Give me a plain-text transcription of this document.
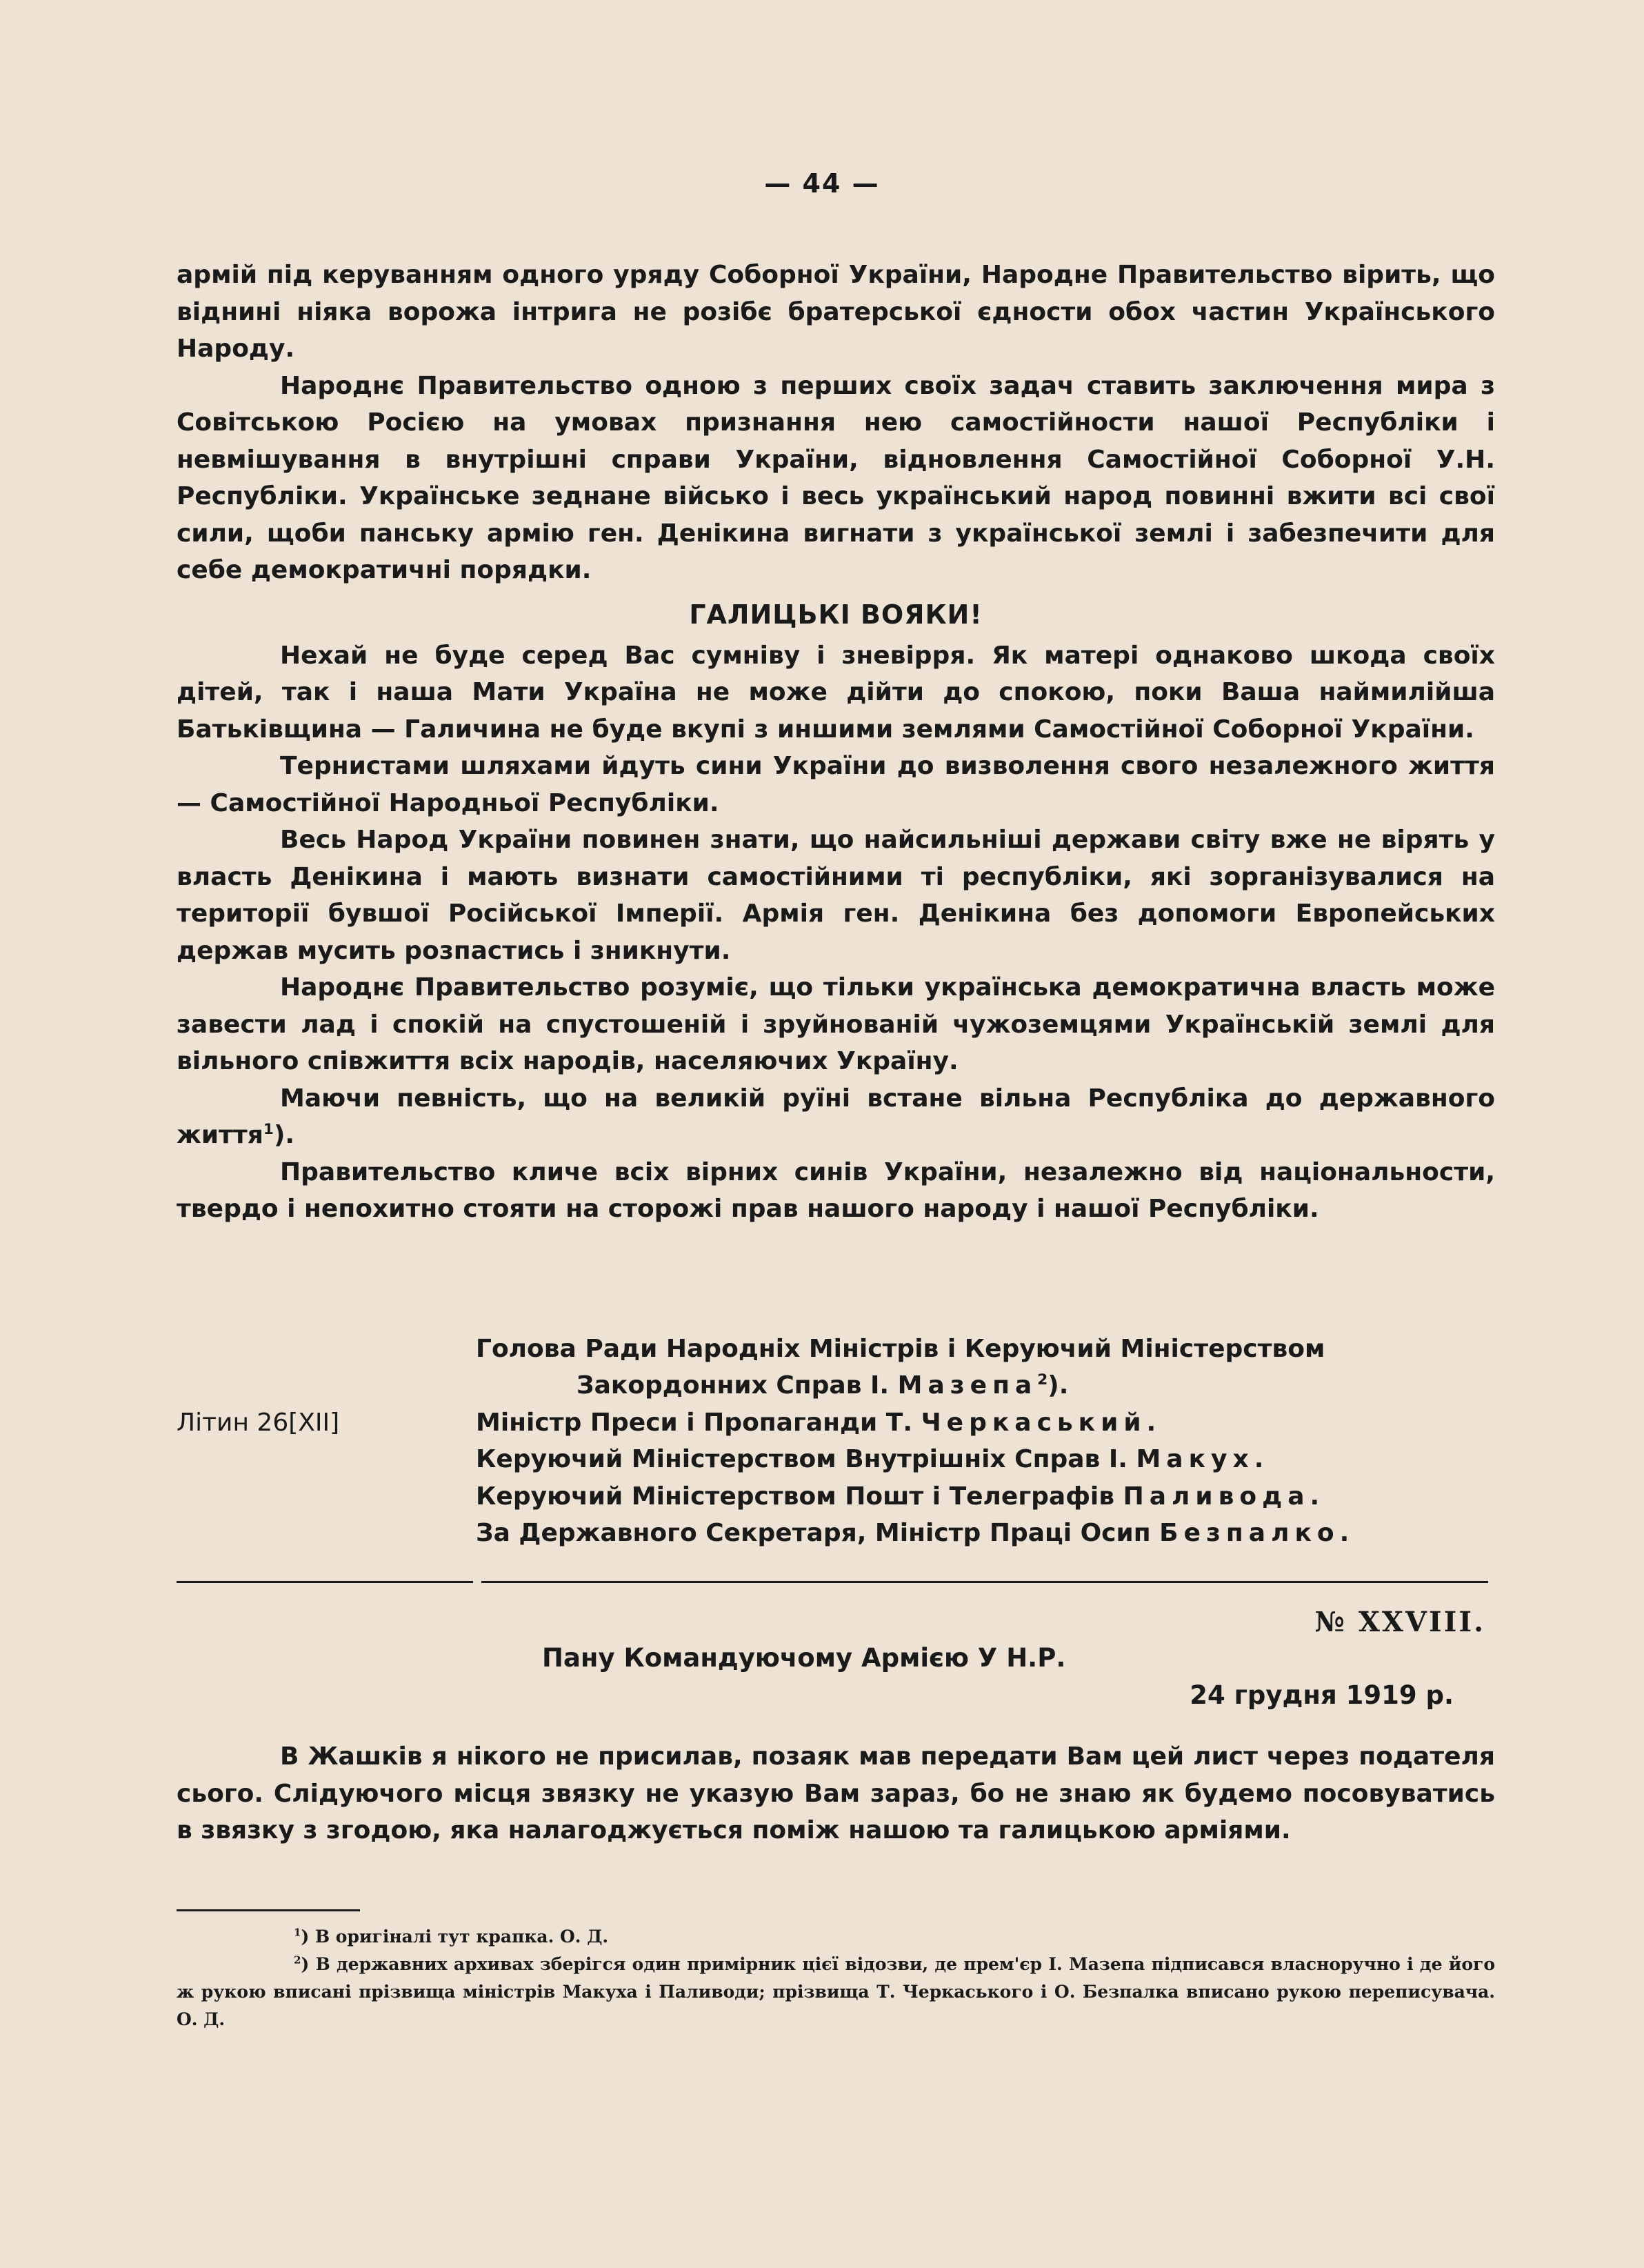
— 44 —

армій під керуванням одного уряду Соборної України, Народне Правительство вірить, що віднині ніяка ворожа інтрига не розібє братерської єдности обох частин Українського Народу.

Народнє Правительство одною з перших своїх задач ставить заключення мира з Совітською Росією на умовах признання нею самостійности нашої Республіки і невмішування в внутрішні справи України, відновлення Самостійної Соборної У.Н. Республіки. Українське зеднане військо і весь український народ повинні вжити всі свої сили, щоби панську армію ген. Денікина вигнати з української землі і забезпечити для себе демократичні порядки.

ГАЛИЦЬКІ ВОЯКИ!

Нехай не буде серед Вас сумніву і зневірря. Як матері однаково шкода своїх дітей, так і наша Мати Україна не може дійти до спокою, поки Ваша наймилійша Батьківщина — Галичина не буде вкупі з иншими землями Самостійної Соборної України.

Тернистами шляхами йдуть сини України до визволення свого незалежного життя — Самостійної Народньої Республіки.

Весь Народ України повинен знати, що найсильніші держави світу вже не вірять у власть Денікина і мають визнати самостійними ті республіки, які зорганізувалися на території бувшої Російської Імперії. Армія ген. Денікина без допомоги Европейських держав мусить розпастись і зникнути.

Народнє Правительство розуміє, що тільки українська демократична власть може завести лад і спокій на спустошеній і зруйнованій чужоземцями Українській землі для вільного співжиття всіх народів, населяючих Україну.

Маючи певність, що на великій руїні встане вільна Республіка до державного життя$^1$).

Правительство кличе всіх вірних синів України, незалежно від національности, твердо і непохитно стояти на сторожі прав нашого народу і нашої Республіки.

Літин 26[XII]
Голова Ради Народніх Міністрів і Керуючий Міністерством
Закордонних Справ І. Мазепа$^2$).
Міністр Преси і Пропаганди Т. Черкаський.
Керуючий Міністерством Внутрішніх Справ І. Макух.
Керуючий Міністерством Пошт і Телеграфів Паливода.
За Державного Секретаря, Міністр Праці Осип Безпалко.
№ XXVIII.
Пану Командуючому Армією У Н.Р.
24 грудня 1919 р.

В Жашків я нікого не присилав, позаяк мав передати Вам цей лист через подателя сього. Слідуючого місця звязку не указую Вам зараз, бо не знаю як будемо посовуватись в звязку з згодою, яка налагоджується поміж нашою та галицькою арміями.

$^1$) В оригіналі тут крапка. О. Д.

$^2$) В державних архивах зберігся один примірник цієї відозви, де прем'єр І. Мазепа підписався власноручно і де його ж рукою вписані прізвища міністрів Макуха і Паливоди; прізвища Т. Черкаського і О. Безпалка вписано рукою переписувача. О. Д.
